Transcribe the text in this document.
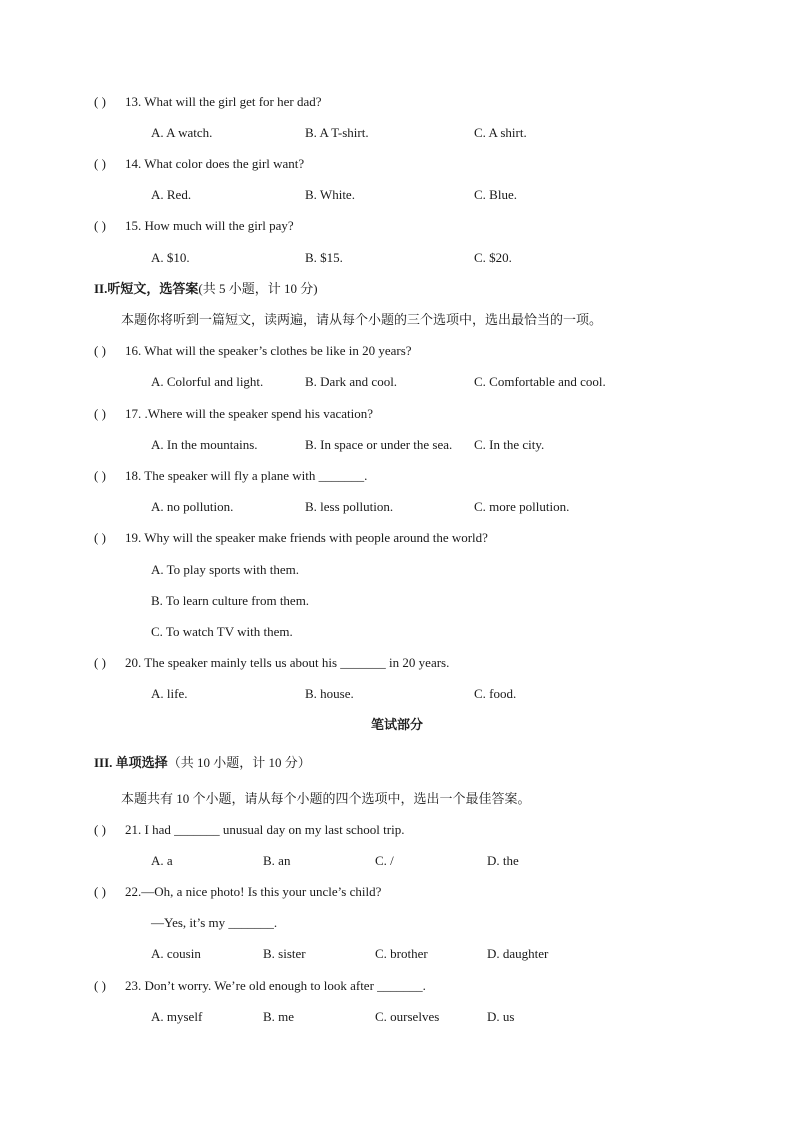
( ) 13. What will the girl get for her dad?
A. A watch.	B. A T-shirt.	C. A shirt.
( ) 14. What color does the girl want?
A. Red.	B. White.	C. Blue.
( ) 15. How much will the girl pay?
A. $10.	B. $15.	C. $20.
II.听短文，选答案(共 5 小题，计 10 分)
本题你将听到一篇短文，读两遍，请从每个小题的三个选项中，选出最恰当的一项。
( ) 16. What will the speaker’s clothes be like in 20 years?
A. Colorful and light.	B. Dark and cool.	C. Comfortable and cool.
( ) 17. .Where will the speaker spend his vacation?
A. In the mountains.	B. In space or under the sea. C. In the city.
( ) 18. The speaker will fly a plane with _______.
A. no pollution.	B. less pollution.	C. more pollution.
( ) 19. Why will the speaker make friends with people around the world?
A. To play sports with them.
B. To learn culture from them.
C. To watch TV with them.
( ) 20. The speaker mainly tells us about his _______ in 20 years.
A. life.	B. house.	C. food.
笔试部分
III. 单项选择（共 10 小题，计 10 分）
本题共有 10 个小题，请从每个小题的四个选项中，选出一个最佳答案。
( ) 21. I had _______ unusual day on my last school trip.
A. a	B. an	C. /	D. the
( ) 22.—Oh, a nice photo! Is this your uncle’s child?
—Yes, it’s my _______.
A. cousin	B. sister	C. brother	D. daughter
( ) 23. Don’t worry. We’re old enough to look after _______.
A. myself	B. me	C. ourselves	D. us
